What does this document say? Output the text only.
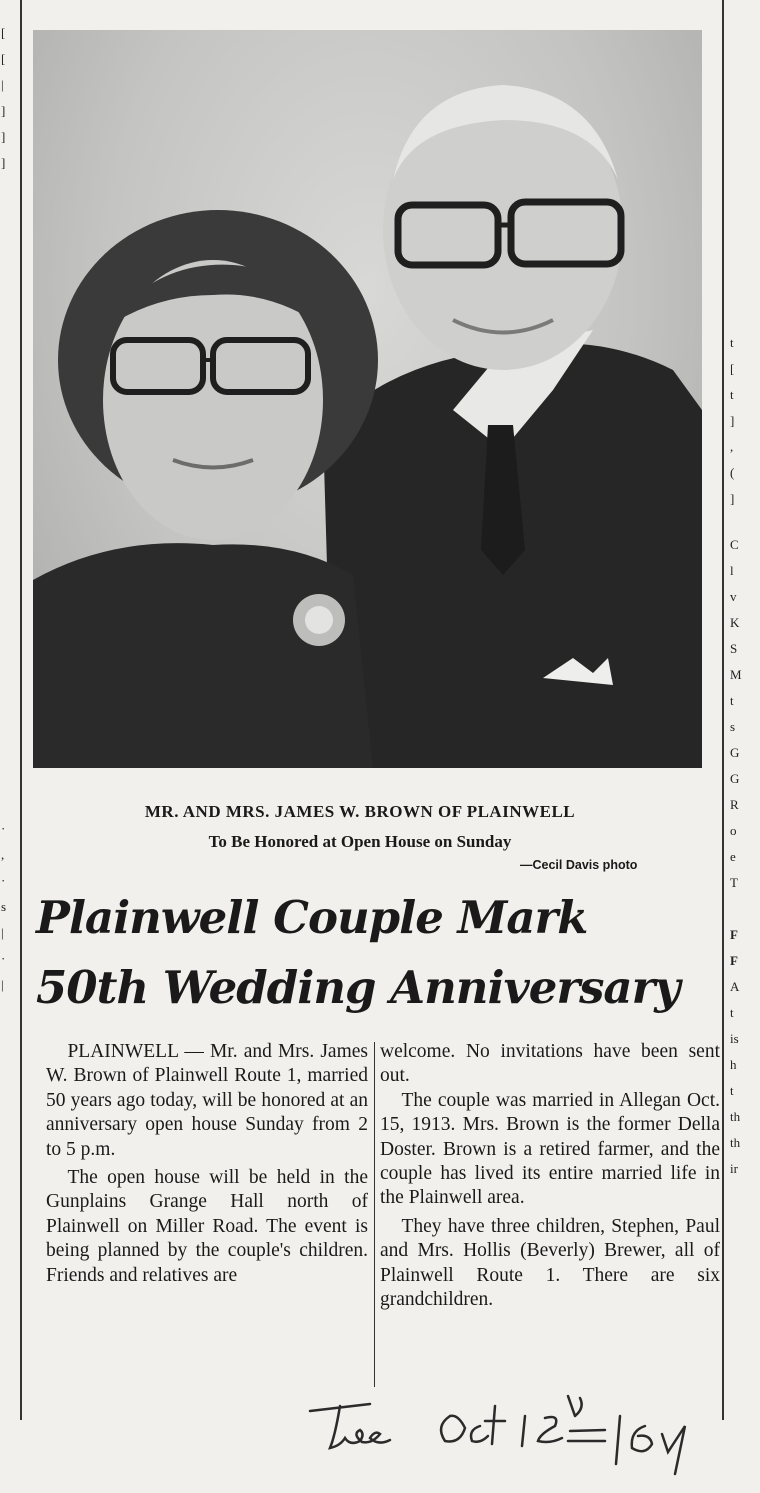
[
[
|
]
]
]
·
,
·
s
|
·
|
t
[
t
]
,
(
]
C
l
v
K
S
M
t
s
G
G
R
o
e
T
F
F
A
t
is
h
t
th
th
ir
MR. AND MRS. JAMES W. BROWN OF PLAINWELL
To Be Honored at Open House on Sunday
—Cecil Davis photo
Plainwell Couple Mark
50th Wedding Anniversary

PLAINWELL — Mr. and Mrs. James W. Brown of Plainwell Route 1, married 50 years ago today, will be honored at an anniversary open house Sunday from 2 to 5 p.m.

The open house will be held in the Gunplains Grange Hall north of Plainwell on Miller Road. The event is being planned by the couple's children. Friends and relatives are

welcome. No invitations have been sent out.

The couple was married in Allegan Oct. 15, 1913. Mrs. Brown is the former Della Doster. Brown is a retired farmer, and the couple has lived its entire married life in the Plainwell area.

They have three children, Stephen, Paul and Mrs. Hollis (Beverly) Brewer, all of Plainwell Route 1. There are six grandchildren.
